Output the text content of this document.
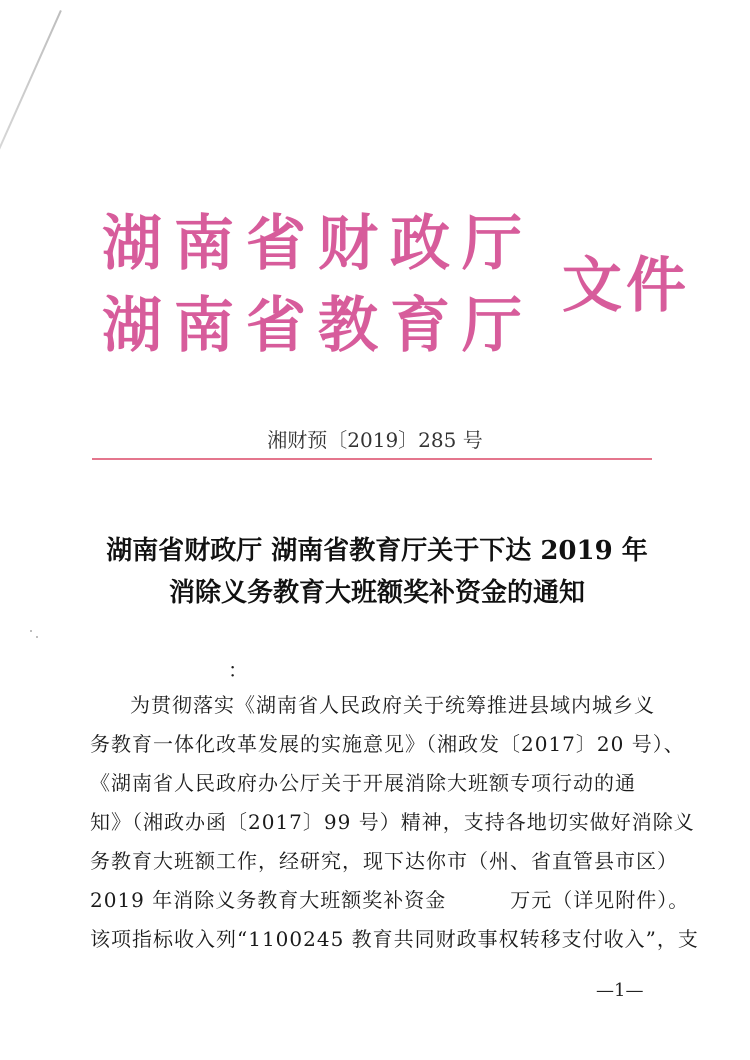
湖南省财政厅
湖南省教育厅
文件
湘财预〔2019〕285 号
湖南省财政厅 湖南省教育厅关于下达 2019 年
消除义务教育大班额奖补资金的通知
：
为贯彻落实《湖南省人民政府关于统筹推进县域内城乡义
务教育一体化改革发展的实施意见》（湘政发〔2017〕20 号）、
《湖南省人民政府办公厅关于开展消除大班额专项行动的通
知》（湘政办函〔2017〕99 号）精神，支持各地切实做好消除义
务教育大班额工作，经研究，现下达你市（州、省直管县市区）
2019 年消除义务教育大班额奖补资金	万元（详见附件）。
该项指标收入列“1100245 教育共同财政事权转移支付收入”，支
—1—
